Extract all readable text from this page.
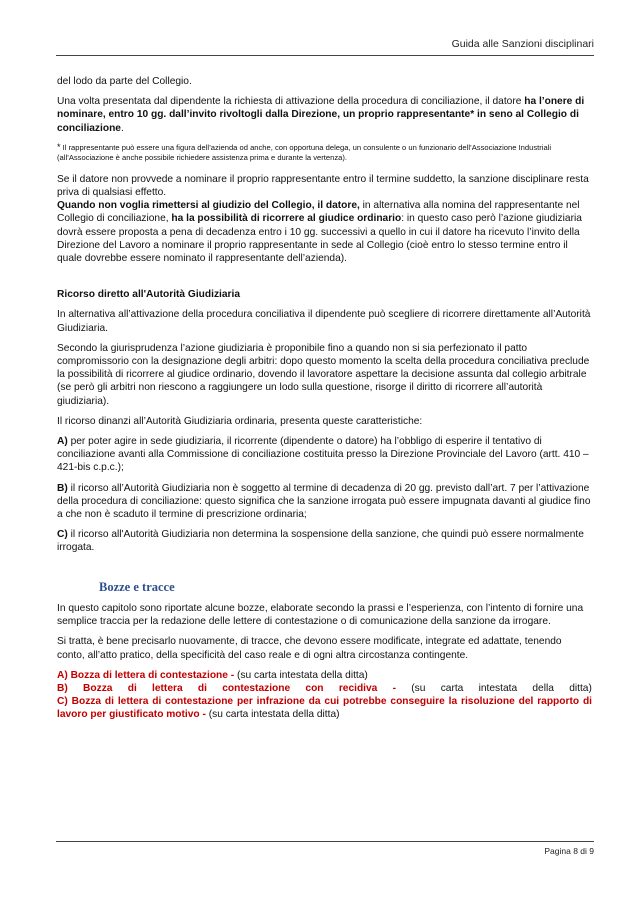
Guida alle Sanzioni disciplinari

del lodo da parte del Collegio.

Una volta presentata dal dipendente la richiesta di attivazione della procedura di conciliazione, il datore ha l’onere di nominare, entro 10 gg. dall’invito rivoltogli dalla Direzione, un proprio rappresentante* in seno al Collegio di conciliazione.

* Il rappresentante può essere una figura dell’azienda od anche, con opportuna delega, un consulente o un funzionario dell’Associazione Industriali (all’Associazione è anche possibile richiedere assistenza prima e durante la vertenza).

Se il datore non provvede a nominare il proprio rappresentante entro il termine suddetto, la sanzione disciplinare resta priva di qualsiasi effetto.
Quando non voglia rimettersi al giudizio del Collegio, il datore, in alternativa alla nomina del rappresentante nel Collegio di conciliazione, ha la possibilità di ricorrere al giudice ordinario: in questo caso però l’azione giudiziaria dovrà essere proposta a pena di decadenza entro i 10 gg. successivi a quello in cui il datore ha ricevuto l’invito della Direzione del Lavoro a nominare il proprio rappresentante in sede al Collegio (cioè entro lo stesso termine entro il quale dovrebbe essere nominato il rappresentante dell’azienda).

Ricorso diretto all'Autorità Giudiziaria

In alternativa all’attivazione della procedura conciliativa il dipendente può scegliere di ricorrere direttamente all’Autorità Giudiziaria.

Secondo la giurisprudenza l’azione giudiziaria è proponibile fino a quando non si sia perfezionato il patto compromissorio con la designazione degli arbitri: dopo questo momento la scelta della procedura conciliativa preclude la possibilità di ricorrere al giudice ordinario, dovendo il lavoratore aspettare la decisione assunta dal collegio arbitrale (se però gli arbitri non riescono a raggiungere un lodo sulla questione, risorge il diritto di ricorrere all’autorità giudiziaria).

Il ricorso dinanzi all’Autorità Giudiziaria ordinaria, presenta queste caratteristiche:

A) per poter agire in sede giudiziaria, il ricorrente (dipendente o datore) ha l’obbligo di esperire il tentativo di conciliazione avanti alla Commissione di conciliazione costituita presso la Direzione Provinciale del Lavoro (artt. 410 – 421-bis c.p.c.);

B) il ricorso all’Autorità Giudiziaria non è soggetto al termine di decadenza di 20 gg. previsto dall’art. 7 per l’attivazione della procedura di conciliazione: questo significa che la sanzione irrogata può essere impugnata davanti al giudice fino a che non è scaduto il termine di prescrizione ordinaria;

C) il ricorso all'Autorità Giudiziaria non determina la sospensione della sanzione, che quindi può essere normalmente irrogata.

Bozze e tracce

In questo capitolo sono riportate alcune bozze, elaborate secondo la prassi e l’esperienza, con l’intento di fornire una semplice traccia per la redazione delle lettere di contestazione o di comunicazione della sanzione da irrogare.

Si tratta, è bene precisarlo nuovamente, di tracce, che devono essere modificate, integrate ed adattate, tenendo conto, all’atto pratico, della specificità del caso reale e di ogni altra circostanza contingente.

A) Bozza di lettera di contestazione - (su carta intestata della ditta)

B) Bozza di lettera di contestazione con recidiva - (su carta intestata della ditta)

C) Bozza di lettera di contestazione per infrazione da cui potrebbe conseguire la risoluzione del rapporto di lavoro per giustificato motivo - (su carta intestata della ditta)

Pagina 8 di 9
